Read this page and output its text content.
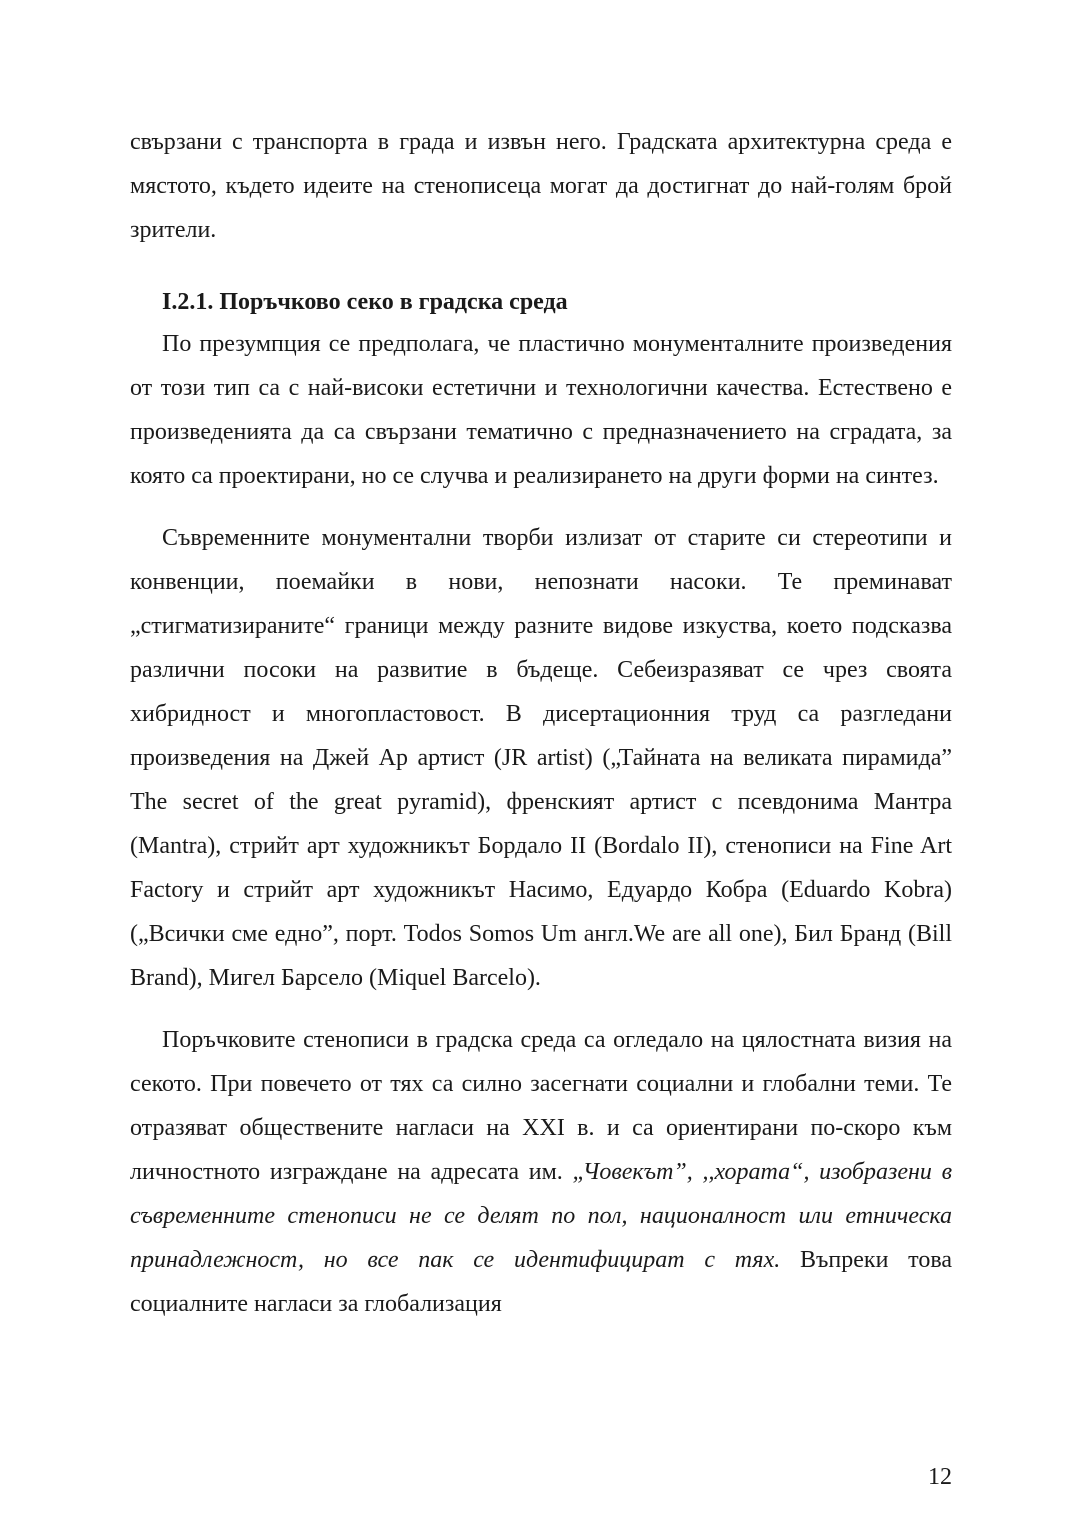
свързани с транспорта в града и извън него. Градската архитектурна среда е мястото, където идеите на стенописеца могат да достигнат до най-голям брой зрители.

I.2.1. Поръчково секо в градска среда

По презумпция се предполага, че пластично монументалните произведения от този тип са с най-високи естетични и технологични качества. Естествено е произведенията да са свързани тематично с предназначението на сградата, за която са проектирани, но се случва и реализирането на други форми на синтез.

Съвременните монументални творби излизат от старите си стереотипи и конвенции, поемайки в нови, непознати насоки. Те преминават „стигматизираните“ граници между разните видове изкуства, което подсказва различни посоки на развитие в бъдеще. Себеизразяват се чрез своята хибридност и многопластовост. В дисертационния труд са разгледани произведения на Джей Ар артист (JR artist) („Тайната на великата пирамида” The secret of the great pyramid), френският артист с псевдонима Мантра (Mantra), стрийт арт художникът Бордало II (Bordalo II), стенописи на Fine Art Factory и стрийт арт художникът Насимо, Едуардо Кобра (Eduardo Kobra) („Всички сме едно”, порт. Todos Somos Um англ.We are all one), Бил Бранд (Bill Brand), Мигел Барсело (Miquel Barcelo).

Поръчковите стенописи в градска среда са огледало на цялостната визия на секото. При повечето от тях са силно засегнати социални и глобални теми. Те отразяват обществените нагласи на XXI в. и са ориентирани по-скоро към личностното изграждане на адресата им. „Човекът”, ,,хората“, изобразени в съвременните стенописи не се делят по пол, националност или етническа принадлежност, но все пак се идентифицират с тях. Въпреки това социалните нагласи за глобализация

12
